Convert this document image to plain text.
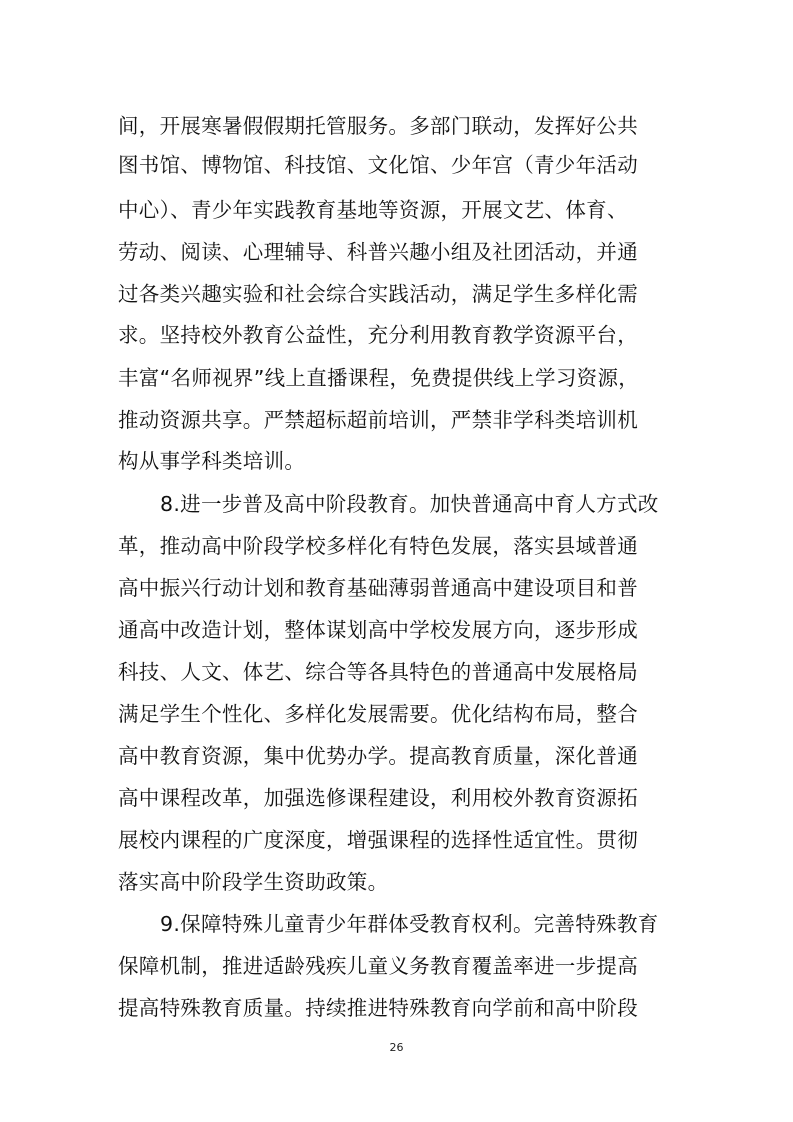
间，开展寒暑假假期托管服务。多部门联动，发挥好公共
图书馆、博物馆、科技馆、文化馆、少年宫（青少年活动
中心）、青少年实践教育基地等资源，开展文艺、体育、
劳动、阅读、心理辅导、科普兴趣小组及社团活动，并通
过各类兴趣实验和社会综合实践活动，满足学生多样化需
求。坚持校外教育公益性，充分利用教育教学资源平台，
丰富“名师视界”线上直播课程，免费提供线上学习资源，
推动资源共享。严禁超标超前培训，严禁非学科类培训机
构从事学科类培训。
8.进一步普及高中阶段教育。加快普通高中育人方式改
革，推动高中阶段学校多样化有特色发展，落实县域普通
高中振兴行动计划和教育基础薄弱普通高中建设项目和普
通高中改造计划，整体谋划高中学校发展方向，逐步形成
科技、人文、体艺、综合等各具特色的普通高中发展格局
满足学生个性化、多样化发展需要。优化结构布局，整合
高中教育资源，集中优势办学。提高教育质量，深化普通
高中课程改革，加强选修课程建设，利用校外教育资源拓
展校内课程的广度深度，增强课程的选择性适宜性。贯彻
落实高中阶段学生资助政策。
9.保障特殊儿童青少年群体受教育权利。完善特殊教育
保障机制，推进适龄残疾儿童义务教育覆盖率进一步提高
提高特殊教育质量。持续推进特殊教育向学前和高中阶段
26
